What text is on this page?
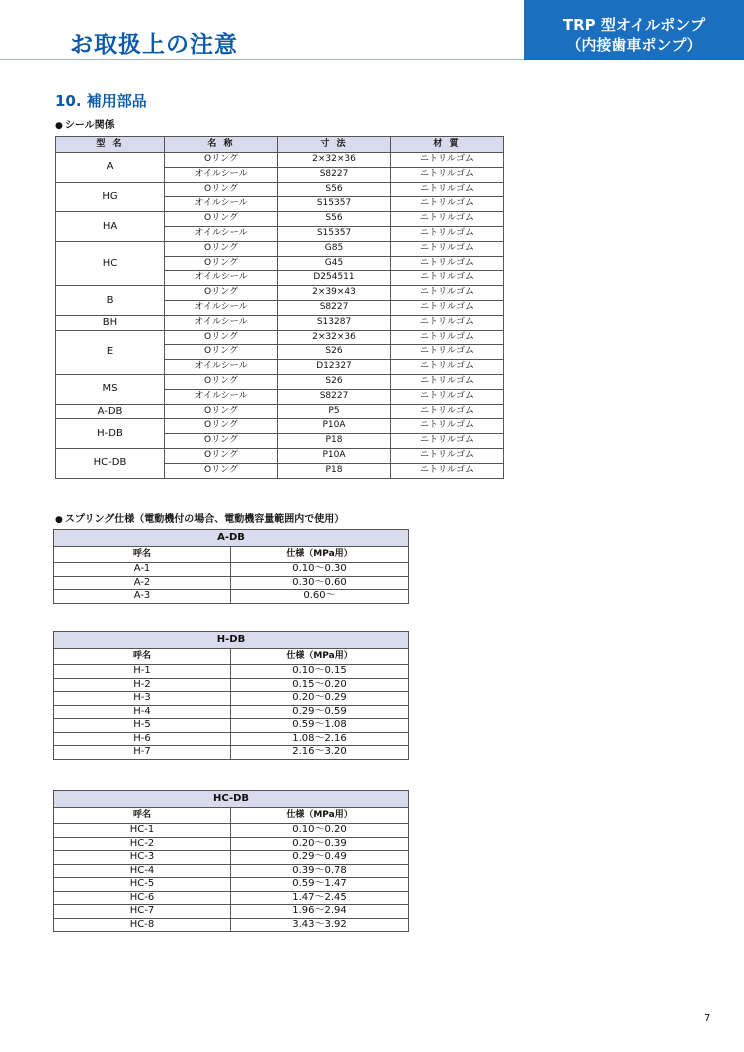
お取扱上の注意
TRP 型オイルポンプ
（内接歯車ポンプ）
10. 補用部品
● シール関係
型 名	名 称	寸 法	材 質
A	Oリング	2×32×36	ニトリルゴム
	オイルシール	S8227	ニトリルゴム
HG	Oリング	S56	ニトリルゴム
	オイルシール	S15357	ニトリルゴム
HA	Oリング	S56	ニトリルゴム
	オイルシール	S15357	ニトリルゴム
HC	Oリング	G85	ニトリルゴム
	Oリング	G45	ニトリルゴム
	オイルシール	D254511	ニトリルゴム
B	Oリング	2×39×43	ニトリルゴム
	オイルシール	S8227	ニトリルゴム
BH	オイルシール	S13287	ニトリルゴム
E	Oリング	2×32×36	ニトリルゴム
	Oリング	S26	ニトリルゴム
	オイルシール	D12327	ニトリルゴム
MS	Oリング	S26	ニトリルゴム
	オイルシール	S8227	ニトリルゴム
A-DB	Oリング	P5	ニトリルゴム
H-DB	Oリング	P10A	ニトリルゴム
	Oリング	P18	ニトリルゴム
HC-DB	Oリング	P10A	ニトリルゴム
	Oリング	P18	ニトリルゴム
● スプリング仕様（電動機付の場合、電動機容量範囲内で使用）
A-DB	
呼名	仕様（MPa用）
A-1	0.10～0.30
A-2	0.30～0.60
A-3	0.60～
H-DB	
呼名	仕様（MPa用）
H-1	0.10～0.15
H-2	0.15～0.20
H-3	0.20～0.29
H-4	0.29～0.59
H-5	0.59～1.08
H-6	1.08～2.16
H-7	2.16～3.20
HC-DB	
呼名	仕様（MPa用）
HC-1	0.10～0.20
HC-2	0.20～0.39
HC-3	0.29～0.49
HC-4	0.39～0.78
HC-5	0.59～1.47
HC-6	1.47～2.45
HC-7	1.96～2.94
HC-8	3.43～3.92
7
